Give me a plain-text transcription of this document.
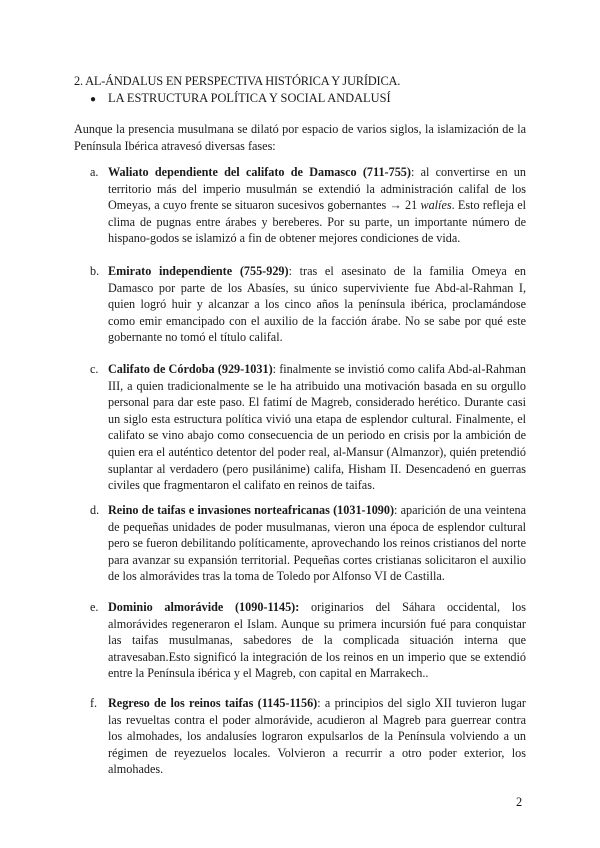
2. AL-ÁNDALUS EN PERSPECTIVA HISTÓRICA Y JURÍDICA.
● LA ESTRUCTURA POLÍTICA Y SOCIAL ANDALUSÍ
Aunque la presencia musulmana se dilató por espacio de varios siglos, la islamización de la Península Ibérica atravesó diversas fases:
a. Waliato dependiente del califato de Damasco (711-755): al convertirse en un territorio más del imperio musulmán se extendió la administración califal de los Omeyas, a cuyo frente se situaron sucesivos gobernantes → 21 walíes. Esto refleja el clima de pugnas entre árabes y bereberes. Por su parte, un importante número de hispano-godos se islamizó a fin de obtener mejores condiciones de vida.
b. Emirato independiente (755-929): tras el asesinato de la familia Omeya en Damasco por parte de los Abasíes, su único superviviente fue Abd-al-Rahman I, quien logró huir y alcanzar a los cinco años la península ibérica, proclamándose como emir emancipado con el auxilio de la facción árabe. No se sabe por qué este gobernante no tomó el título califal.
c. Califato de Córdoba (929-1031): finalmente se invistió como califa Abd-al-Rahman III, a quien tradicionalmente se le ha atribuido una motivación basada en su orgullo personal para dar este paso. El fatimí de Magreb, considerado herético. Durante casi un siglo esta estructura política vivió una etapa de esplendor cultural. Finalmente, el califato se vino abajo como consecuencia de un periodo en crisis por la ambición de quien era el auténtico detentor del poder real, al-Mansur (Almanzor), quién pretendió suplantar al verdadero (pero pusilánime) califa, Hisham II. Desencadenó en guerras civiles que fragmentaron el califato en reinos de taifas.
d. Reino de taifas e invasiones norteafricanas (1031-1090): aparición de una veintena de pequeñas unidades de poder musulmanas, vieron una época de esplendor cultural pero se fueron debilitando políticamente, aprovechando los reinos cristianos del norte para avanzar su expansión territorial. Pequeñas cortes cristianas solicitaron el auxilio de los almorávides tras la toma de Toledo por Alfonso VI de Castilla.
e. Dominio almorávide (1090-1145): originarios del Sáhara occidental, los almorávides regeneraron el Islam. Aunque su primera incursión fué para conquistar las taifas musulmanas, sabedores de la complicada situación interna que atravesaban.Esto significó la integración de los reinos en un imperio que se extendió entre la Península ibérica y el Magreb, con capital en Marrakech..
f. Regreso de los reinos taifas (1145-1156): a principios del siglo XII tuvieron lugar las revueltas contra el poder almorávide, acudieron al Magreb para guerrear contra los almohades, los andalusíes lograron expulsarlos de la Península volviendo a un régimen de reyezuelos locales. Volvieron a recurrir a otro poder exterior, los almohades.
2
